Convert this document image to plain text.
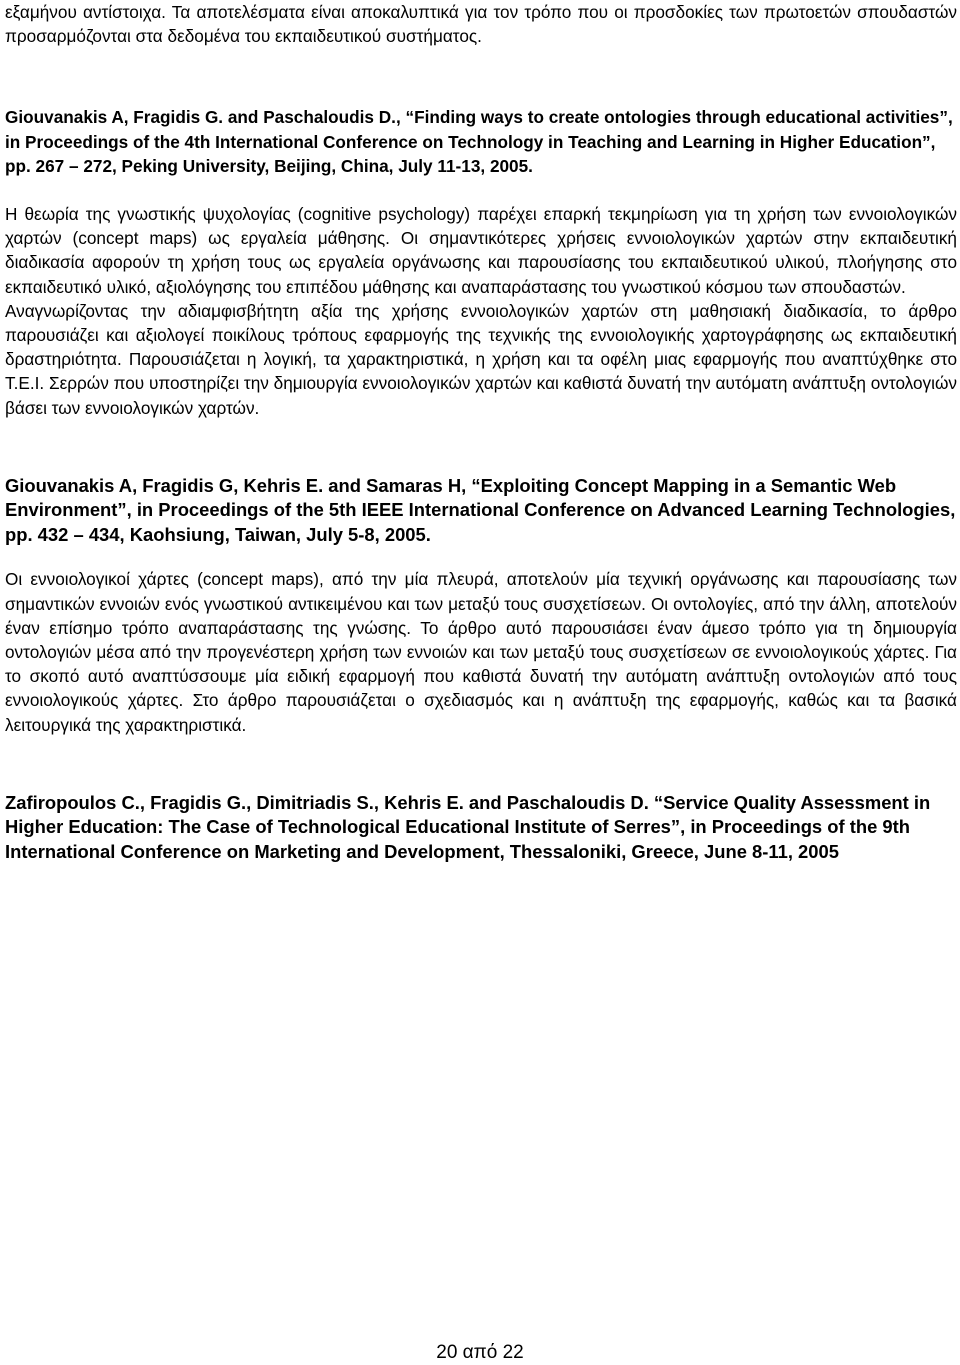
εξαμήνου αντίστοιχα. Τα αποτελέσματα είναι αποκαλυπτικά για τον τρόπο που οι προσδοκίες των πρωτοετών σπουδαστών προσαρμόζονται στα δεδομένα του εκπαιδευτικού συστήματος.

Giouvanakis A, Fragidis G. and Paschaloudis D., “Finding ways to create ontologies through educational activities”, in Proceedings of the 4th International Conference on Technology in Teaching and Learning in Higher Education”, pp. 267 – 272, Peking University, Beijing, China, July 11-13, 2005.

Η θεωρία της γνωστικής ψυχολογίας (cognitive psychology) παρέχει επαρκή τεκμηρίωση για τη χρήση των εννοιολογικών χαρτών (concept maps) ως εργαλεία μάθησης. Οι σημαντικότερες χρήσεις εννοιολογικών χαρτών στην εκπαιδευτική διαδικασία αφορούν τη χρήση τους ως εργαλεία οργάνωσης και παρουσίασης του εκπαιδευτικού υλικού, πλοήγησης στο εκπαιδευτικό υλικό, αξιολόγησης του επιπέδου μάθησης και αναπαράστασης του γνωστικού κόσμου των σπουδαστών.

Αναγνωρίζοντας την αδιαμφισβήτητη αξία της χρήσης εννοιολογικών χαρτών στη μαθησιακή διαδικασία, το άρθρο παρουσιάζει και αξιολογεί ποικίλους τρόπους εφαρμογής της τεχνικής της εννοιολογικής χαρτογράφησης ως εκπαιδευτική δραστηριότητα. Παρουσιάζεται η λογική, τα χαρακτηριστικά, η χρήση και τα οφέλη μιας εφαρμογής που αναπτύχθηκε στο Τ.Ε.Ι. Σερρών που υποστηρίζει την δημιουργία εννοιολογικών χαρτών και καθιστά δυνατή την αυτόματη ανάπτυξη οντολογιών βάσει των εννοιολογικών χαρτών.

Giouvanakis A, Fragidis G, Kehris E. and Samaras H, “Exploiting Concept Mapping in a Semantic Web Environment”, in Proceedings of the 5th IEEE International Conference on Advanced Learning Technologies, pp. 432 – 434, Kaohsiung, Taiwan, July 5-8, 2005.

Οι εννοιολογικοί χάρτες (concept maps), από την μία πλευρά, αποτελούν μία τεχνική οργάνωσης και παρουσίασης των σημαντικών εννοιών ενός γνωστικού αντικειμένου και των μεταξύ τους συσχετίσεων. Οι οντολογίες, από την άλλη, αποτελούν έναν επίσημο τρόπο αναπαράστασης της γνώσης. Το άρθρο αυτό παρουσιάσει έναν άμεσο τρόπο για τη δημιουργία οντολογιών μέσα από την προγενέστερη χρήση των εννοιών και των μεταξύ τους συσχετίσεων σε εννοιολογικούς χάρτες. Για το σκοπό αυτό αναπτύσσουμε μία ειδική εφαρμογή που καθιστά δυνατή την αυτόματη ανάπτυξη οντολογιών από τους εννοιολογικούς χάρτες. Στο άρθρο παρουσιάζεται ο σχεδιασμός και η ανάπτυξη της εφαρμογής, καθώς και τα βασικά λειτουργικά της χαρακτηριστικά.

Zafiropoulos C., Fragidis G., Dimitriadis S., Kehris E. and Paschaloudis D. “Service Quality Assessment in Higher Education: The Case of Technological Educational Institute of Serres”, in Proceedings of the 9th International Conference on Marketing and Development, Thessaloniki, Greece, June 8-11, 2005

20 από 22
